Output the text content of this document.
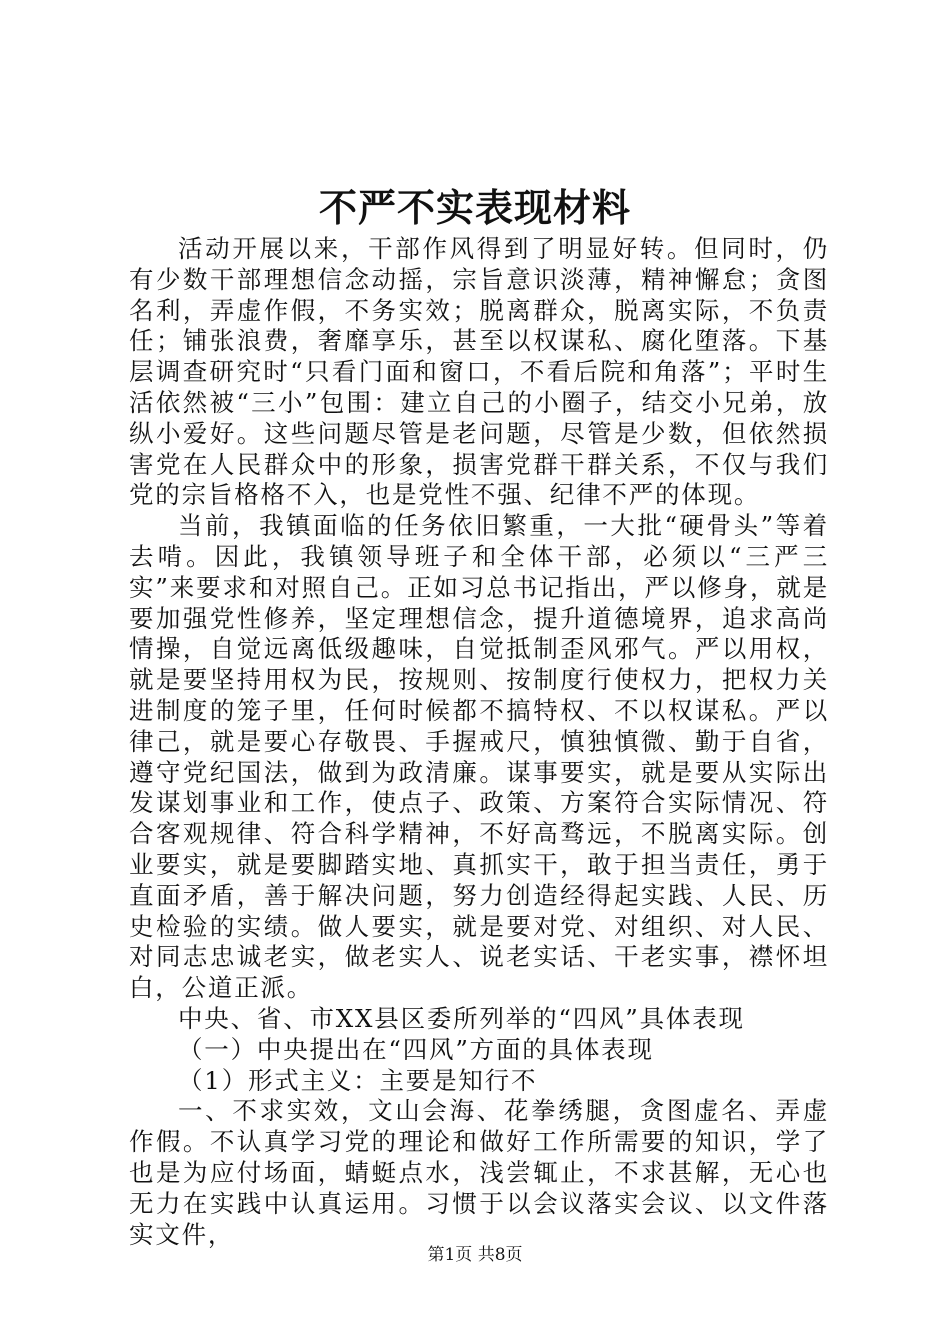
不严不实表现材料

活动开展以来，干部作风得到了明显好转。但同时，仍有少数干部理想信念动摇，宗旨意识淡薄，精神懈怠；贪图名利，弄虚作假，不务实效；脱离群众，脱离实际，不负责任；铺张浪费，奢靡享乐，甚至以权谋私、腐化堕落。下基层调查研究时“只看门面和窗口，不看后院和角落”；平时生活依然被“三小”包围：建立自己的小圈子，结交小兄弟，放纵小爱好。这些问题尽管是老问题，尽管是少数，但依然损害党在人民群众中的形象，损害党群干群关系，不仅与我们党的宗旨格格不入，也是党性不强、纪律不严的体现。

当前，我镇面临的任务依旧繁重，一大批“硬骨头”等着去啃。因此，我镇领导班子和全体干部，必须以“三严三实”来要求和对照自己。正如习总书记指出，严以修身，就是要加强党性修养，坚定理想信念，提升道德境界，追求高尚情操，自觉远离低级趣味，自觉抵制歪风邪气。严以用权，就是要坚持用权为民，按规则、按制度行使权力，把权力关进制度的笼子里，任何时候都不搞特权、不以权谋私。严以律己，就是要心存敬畏、手握戒尺，慎独慎微、勤于自省，遵守党纪国法，做到为政清廉。谋事要实，就是要从实际出发谋划事业和工作，使点子、政策、方案符合实际情况、符合客观规律、符合科学精神，不好高骛远，不脱离实际。创业要实，就是要脚踏实地、真抓实干，敢于担当责任，勇于直面矛盾，善于解决问题，努力创造经得起实践、人民、历史检验的实绩。做人要实，就是要对党、对组织、对人民、对同志忠诚老实，做老实人、说老实话、干老实事，襟怀坦白，公道正派。

中央、省、市XX县区委所列举的“四风”具体表现

（一）中央提出在“四风”方面的具体表现

（1）形式主义：主要是知行不

一、不求实效，文山会海、花拳绣腿，贪图虚名、弄虚作假。不认真学习党的理论和做好工作所需要的知识，学了也是为应付场面，蜻蜓点水，浅尝辄止，不求甚解，无心也无力在实践中认真运用。习惯于以会议落实会议、以文件落实文件，

第1页 共8页
